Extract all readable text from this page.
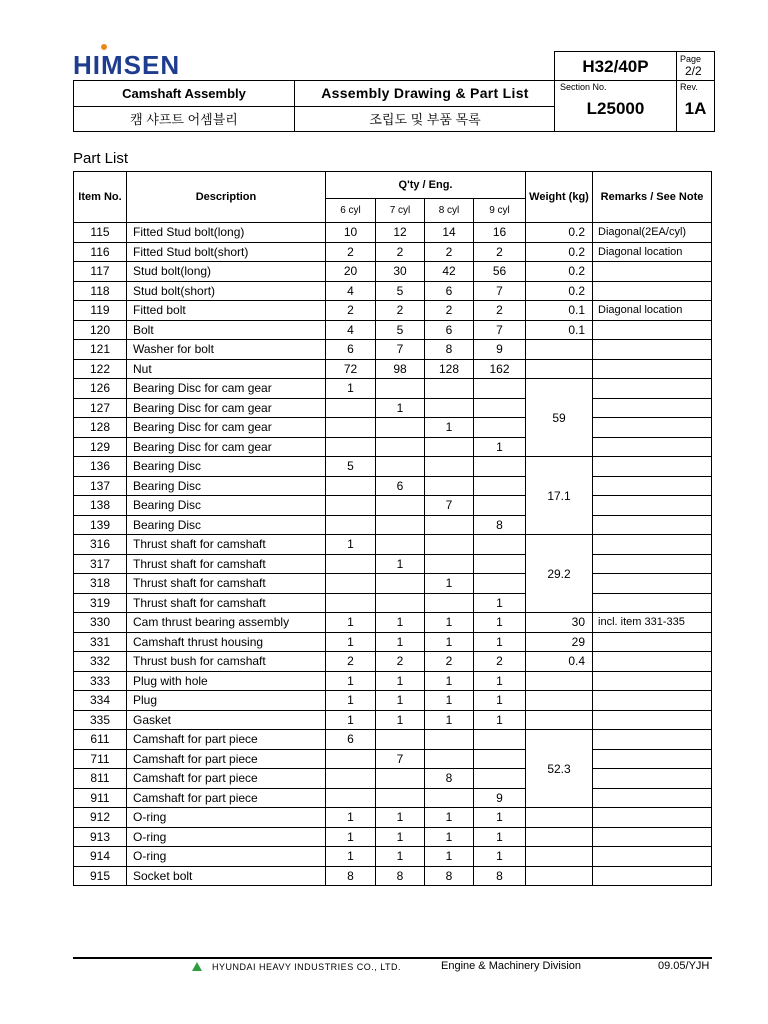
HIMSEN
Camshaft Assembly	Assembly Drawing & Part List
캠 샤프트 어셈블리	조립도 및 부품 목록
H32/40P	Page
2/2
Section No.
L25000
Rev.
1A
Part List
Item No.	Description	Q'ty / Eng.				Weight (kg)	Remarks / See Note
		6 cyl	7 cyl	8 cyl	9 cyl		
115	Fitted Stud bolt(long)	10	12	14	16	0.2	Diagonal(2EA/cyl)
116	Fitted Stud bolt(short)	2	2	2	2	0.2	Diagonal location
117	Stud bolt(long)	20	30	42	56	0.2	
118	Stud bolt(short)	4	5	6	7	0.2	
119	Fitted bolt	2	2	2	2	0.1	Diagonal location
120	Bolt	4	5	6	7	0.1	
121	Washer for bolt	6	7	8	9		
122	Nut	72	98	128	162		
126	Bearing Disc for cam gear	1				59	
127	Bearing Disc for cam gear		1				
128	Bearing Disc for cam gear			1			
129	Bearing Disc for cam gear				1		
136	Bearing Disc	5				17.1	
137	Bearing Disc		6				
138	Bearing Disc			7			
139	Bearing Disc				8		
316	Thrust shaft for camshaft	1				29.2	
317	Thrust shaft for camshaft		1				
318	Thrust shaft for camshaft			1			
319	Thrust shaft for camshaft				1		
330	Cam thrust bearing assembly	1	1	1	1	30	incl. item 331-335
331	Camshaft thrust housing	1	1	1	1	29	
332	Thrust bush for camshaft	2	2	2	2	0.4	
333	Plug with hole	1	1	1	1		
334	Plug	1	1	1	1		
335	Gasket	1	1	1	1		
611	Camshaft for part piece	6				52.3	
711	Camshaft for part piece		7				
811	Camshaft for part piece			8			
911	Camshaft for part piece				9		
912	O-ring	1	1	1	1		
913	O-ring	1	1	1	1		
914	O-ring	1	1	1	1		
915	Socket bolt	8	8	8	8		
HYUNDAI HEAVY INDUSTRIES CO., LTD.	Engine & Machinery Division	09.05/YJH
